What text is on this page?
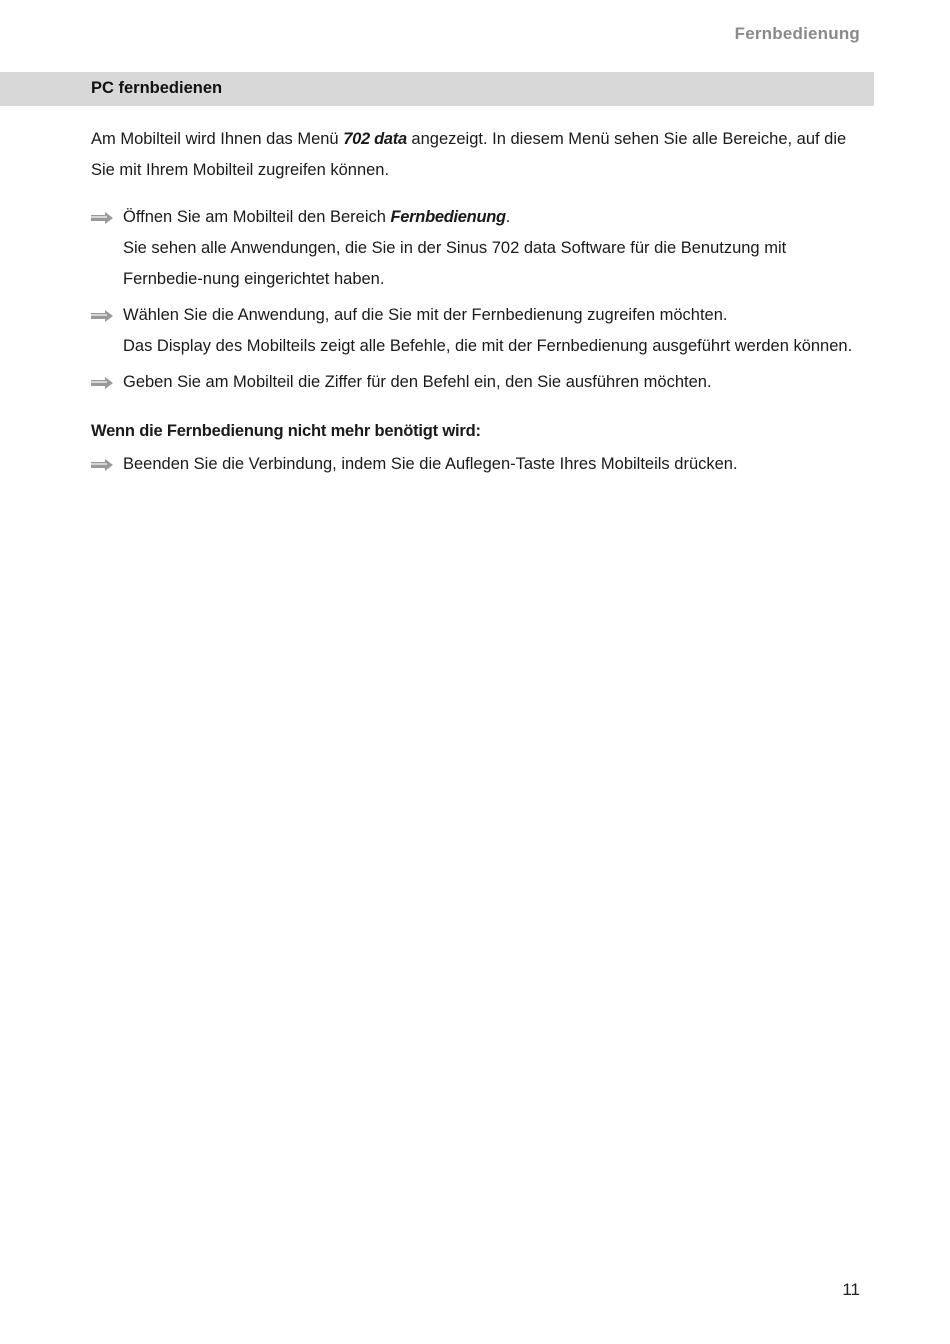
Fernbedienung
PC fernbedienen

Am Mobilteil wird Ihnen das Menü 702 data angezeigt. In diesem Menü sehen Sie alle Bereiche, auf die Sie mit Ihrem Mobilteil zugreifen können.

Öffnen Sie am Mobilteil den Bereich Fernbedienung.
Sie sehen alle Anwendungen, die Sie in der Sinus 702 data Software für die Benutzung mit Fernbedie-nung eingerichtet haben.
Wählen Sie die Anwendung, auf die Sie mit der Fernbedienung zugreifen möchten.
Das Display des Mobilteils zeigt alle Befehle, die mit der Fernbedienung ausgeführt werden können.
Geben Sie am Mobilteil die Ziffer für den Befehl ein, den Sie ausführen möchten.
Wenn die Fernbedienung nicht mehr benötigt wird:
Beenden Sie die Verbindung, indem Sie die Auflegen-Taste Ihres Mobilteils drücken.
11
